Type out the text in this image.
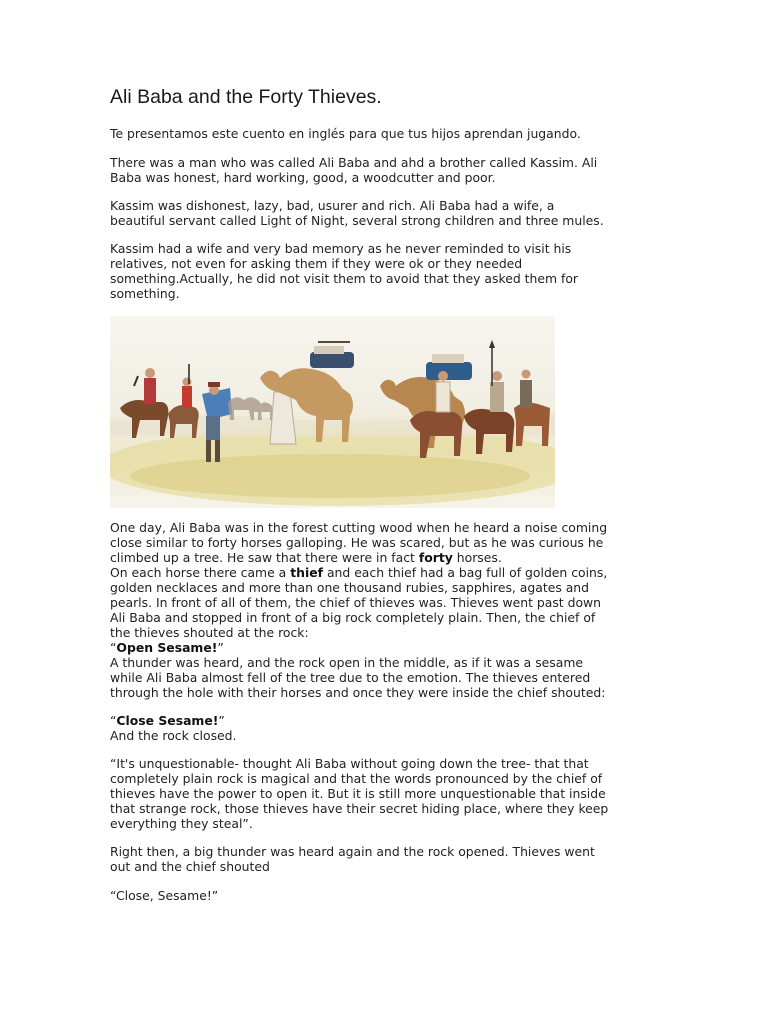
Ali Baba and the Forty Thieves.

Te presentamos este cuento en inglés para que tus hijos aprendan jugando.

There was a man who was called Ali Baba and ahd a brother called Kassim. Ali
Baba was honest, hard working, good, a woodcutter and poor.

Kassim was dishonest, lazy, bad, usurer and rich. Ali Baba had a wife, a
beautiful servant called Light of Night, several strong children and three mules.

Kassim had a wife and very bad memory as he never reminded to visit his
relatives, not even for asking them if they were ok or they needed
something.Actually, he did not visit them to avoid that they asked them for
something.

One day, Ali Baba was in the forest cutting wood when he heard a noise coming
close similar to forty horses galloping. He was scared, but as he was curious he
climbed up a tree. He saw that there were in fact forty horses.
On each horse there came a thief and each thief had a bag full of golden coins,
golden necklaces and more than one thousand rubies, sapphires, agates and
pearls. In front of all of them, the chief of thieves was. Thieves went past down
Ali Baba and stopped in front of a big rock completely plain. Then, the chief of
the thieves shouted at the rock:
“Open Sesame!”
A thunder was heard, and the rock open in the middle, as if it was a sesame
while Ali Baba almost fell of the tree due to the emotion. The thieves entered
through the hole with their horses and once they were inside the chief shouted:

“Close Sesame!”
And the rock closed.

“It's unquestionable- thought Ali Baba without going down the tree- that that
completely plain rock is magical and that the words pronounced by the chief of
thieves have the power to open it. But it is still more unquestionable that inside
that strange rock, those thieves have their secret hiding place, where they keep
everything they steal”.

Right then, a big thunder was heard again and the rock opened. Thieves went
out and the chief shouted

“Close, Sesame!”
